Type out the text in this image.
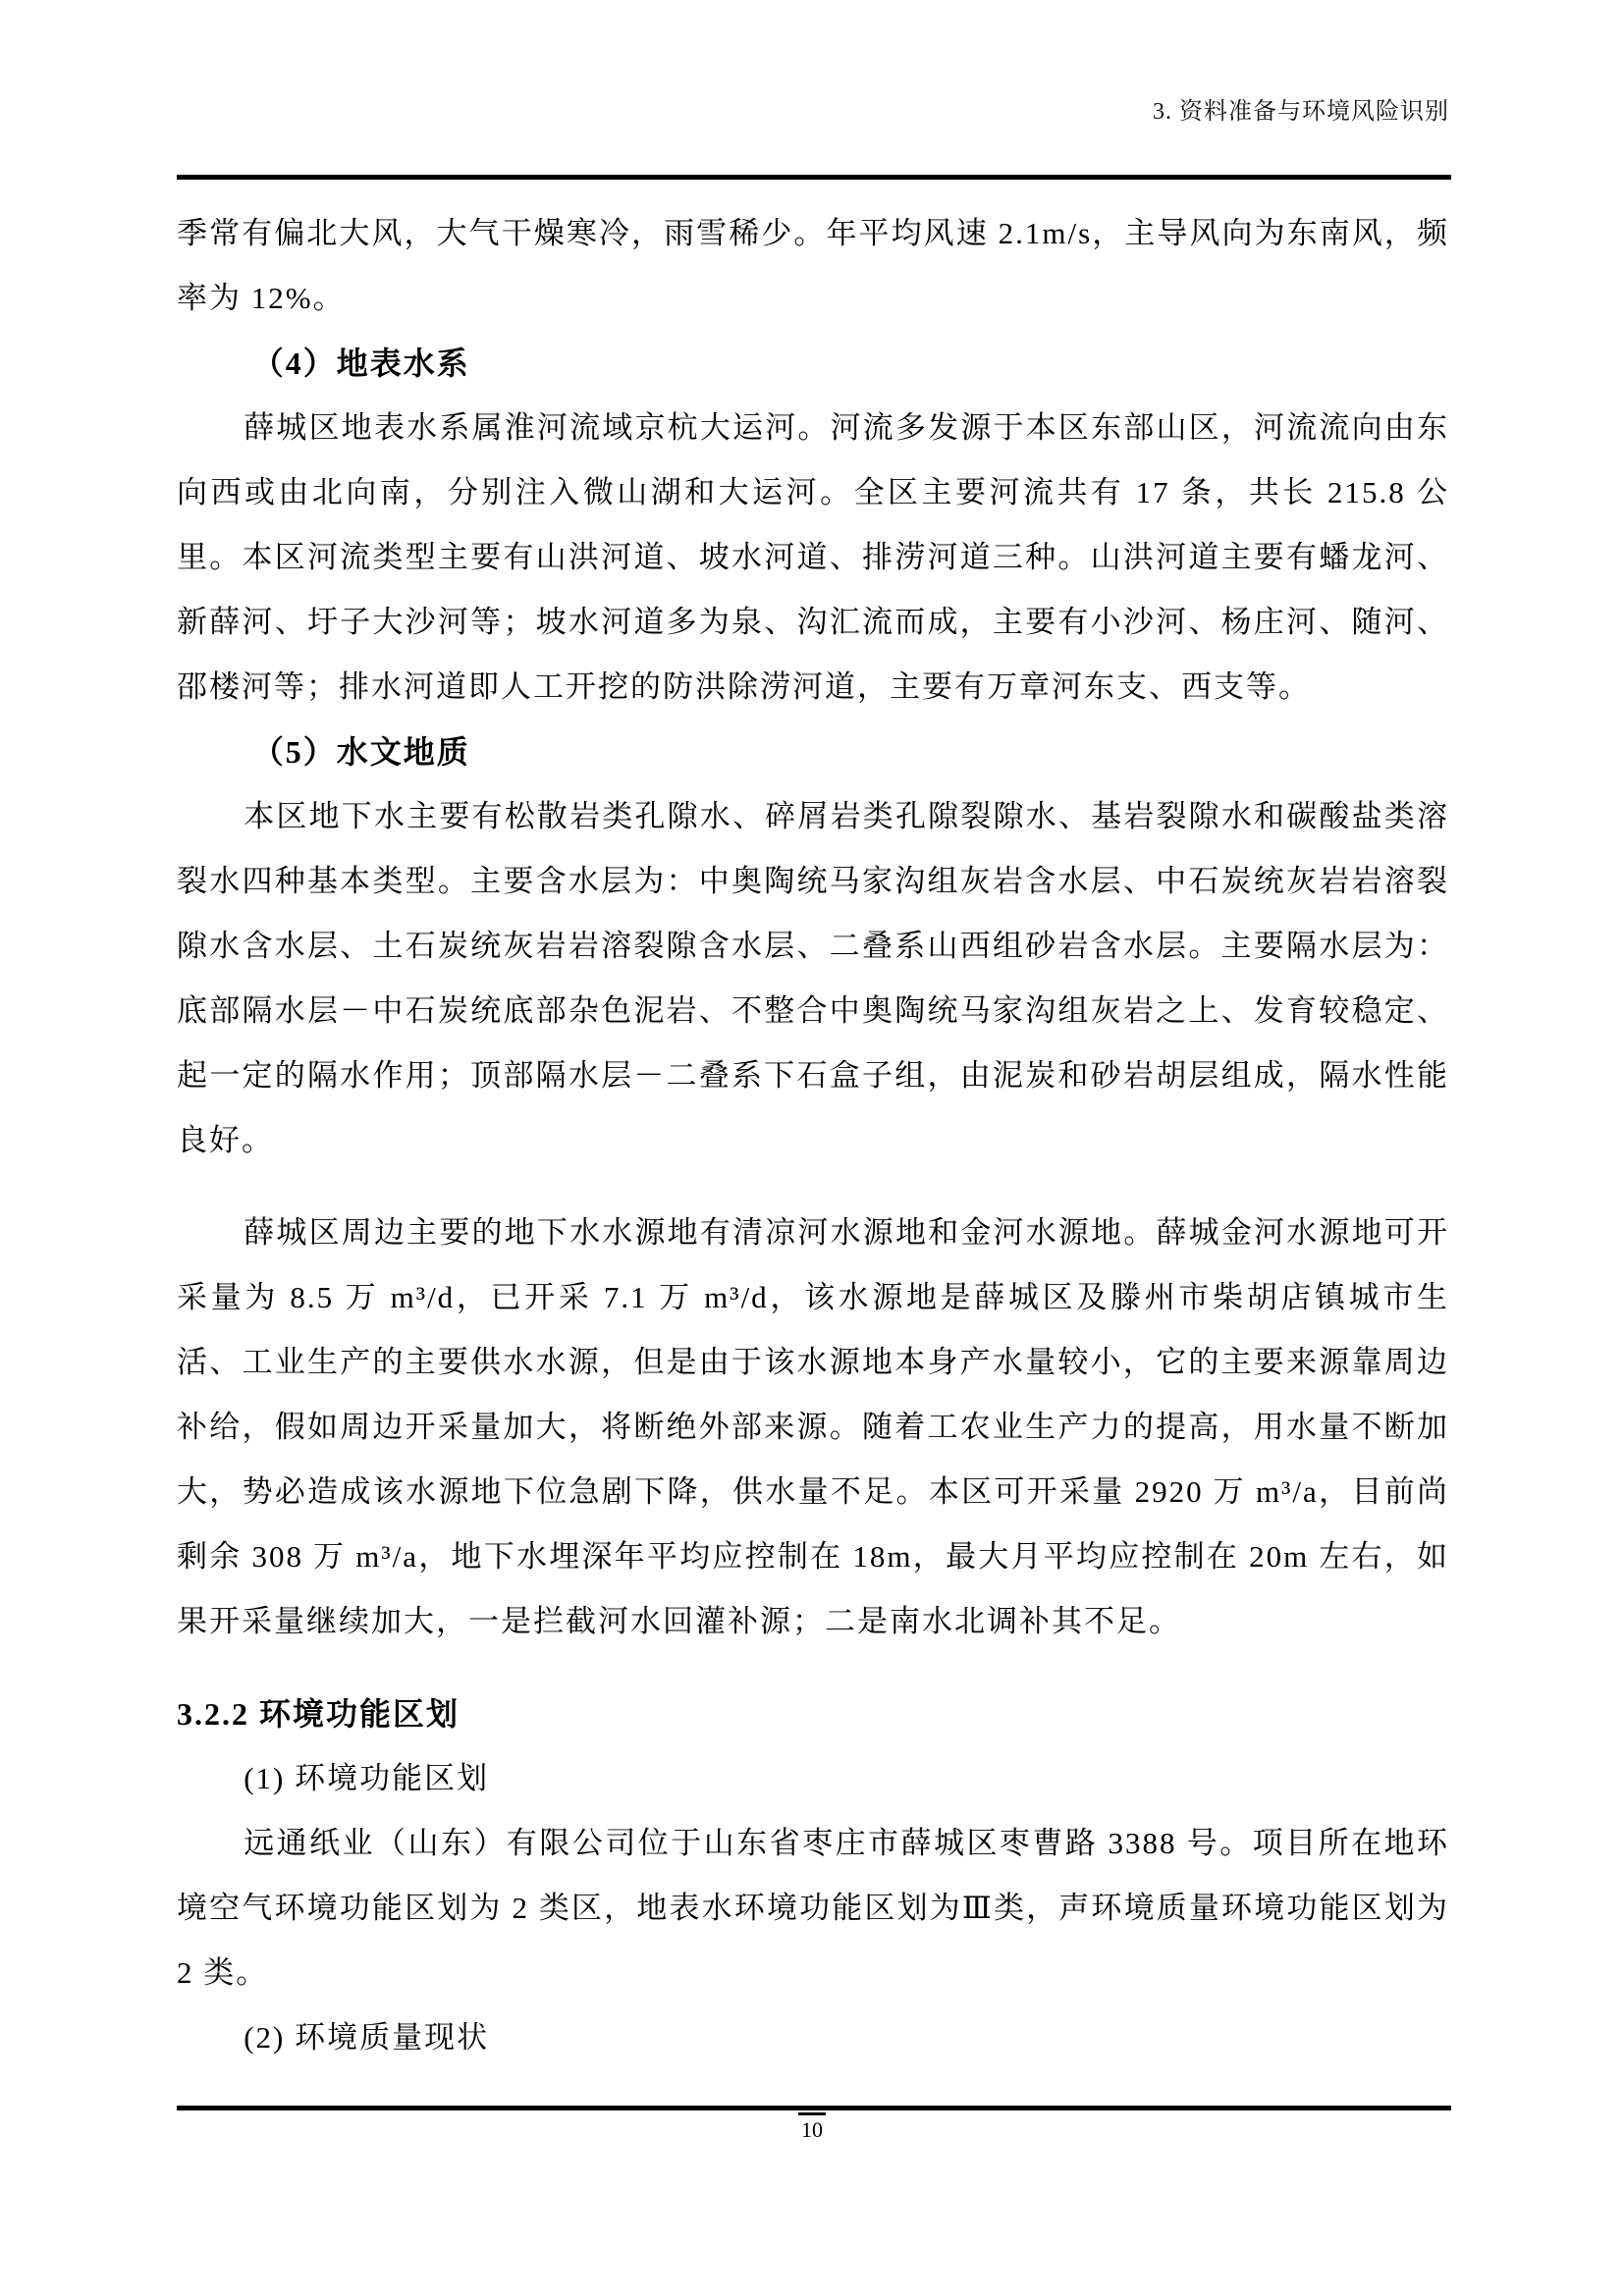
3. 资料准备与环境风险识别

季常有偏北大风，大气干燥寒冷，雨雪稀少。年平均风速 2.1m/s，主导风向为东南风，频率为 12%。

（4）地表水系

薛城区地表水系属淮河流域京杭大运河。河流多发源于本区东部山区，河流流向由东向西或由北向南，分别注入微山湖和大运河。全区主要河流共有 17 条，共长 215.8 公里。本区河流类型主要有山洪河道、坡水河道、排涝河道三种。山洪河道主要有蟠龙河、新薛河、圩子大沙河等；坡水河道多为泉、沟汇流而成，主要有小沙河、杨庄河、随河、邵楼河等；排水河道即人工开挖的防洪除涝河道，主要有万章河东支、西支等。

（5）水文地质

本区地下水主要有松散岩类孔隙水、碎屑岩类孔隙裂隙水、基岩裂隙水和碳酸盐类溶裂水四种基本类型。主要含水层为：中奥陶统马家沟组灰岩含水层、中石炭统灰岩岩溶裂隙水含水层、土石炭统灰岩岩溶裂隙含水层、二叠系山西组砂岩含水层。主要隔水层为：底部隔水层－中石炭统底部杂色泥岩、不整合中奥陶统马家沟组灰岩之上、发育较稳定、起一定的隔水作用；顶部隔水层－二叠系下石盒子组，由泥炭和砂岩胡层组成，隔水性能良好。

薛城区周边主要的地下水水源地有清凉河水源地和金河水源地。薛城金河水源地可开采量为 8.5 万 m³/d，已开采 7.1 万 m³/d，该水源地是薛城区及滕州市柴胡店镇城市生活、工业生产的主要供水水源，但是由于该水源地本身产水量较小，它的主要来源靠周边补给，假如周边开采量加大，将断绝外部来源。随着工农业生产力的提高，用水量不断加大，势必造成该水源地下位急剧下降，供水量不足。本区可开采量 2920 万 m³/a，目前尚剩余 308 万 m³/a，地下水埋深年平均应控制在 18m，最大月平均应控制在 20m 左右，如果开采量继续加大，一是拦截河水回灌补源；二是南水北调补其不足。

3.2.2 环境功能区划

(1) 环境功能区划

远通纸业（山东）有限公司位于山东省枣庄市薛城区枣曹路 3388 号。项目所在地环境空气环境功能区划为 2 类区，地表水环境功能区划为Ⅲ类，声环境质量环境功能区划为 2 类。

(2) 环境质量现状

10
